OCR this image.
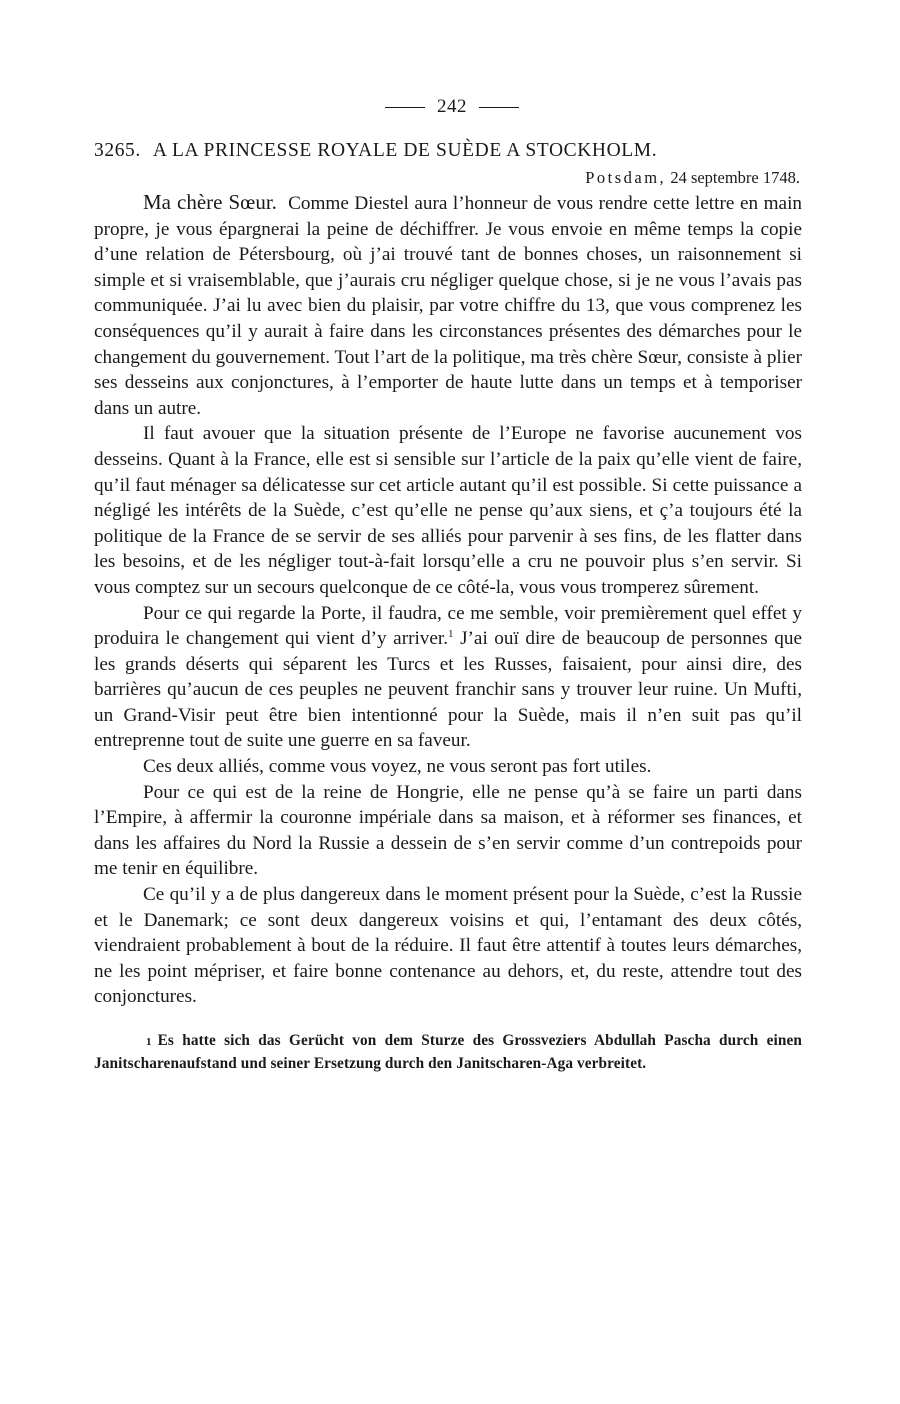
242
3265. A LA PRINCESSE ROYALE DE SUÈDE A STOCKHOLM.
Potsdam, 24 septembre 1748.

Ma chère Sœur. Comme Diestel aura l’honneur de vous rendre cette lettre en main propre, je vous épargnerai la peine de déchiffrer. Je vous envoie en même temps la copie d’une relation de Pétersbourg, où j’ai trouvé tant de bonnes choses, un raisonnement si simple et si vraisemblable, que j’aurais cru négliger quelque chose, si je ne vous l’avais pas communiquée. J’ai lu avec bien du plaisir, par votre chiffre du 13, que vous comprenez les conséquences qu’il y aurait à faire dans les circonstances présentes des démarches pour le changement du gouvernement. Tout l’art de la politique, ma très chère Sœur, consiste à plier ses desseins aux conjonctures, à l’emporter de haute lutte dans un temps et à temporiser dans un autre.

Il faut avouer que la situation présente de l’Europe ne favorise aucunement vos desseins. Quant à la France, elle est si sensible sur l’article de la paix qu’elle vient de faire, qu’il faut ménager sa délicatesse sur cet article autant qu’il est possible. Si cette puissance a négligé les intérêts de la Suède, c’est qu’elle ne pense qu’aux siens, et ç’a toujours été la politique de la France de se servir de ses alliés pour parvenir à ses fins, de les flatter dans les besoins, et de les négliger tout-à-fait lorsqu’elle a cru ne pouvoir plus s’en servir. Si vous comptez sur un secours quelconque de ce côté-la, vous vous tromperez sûrement.

Pour ce qui regarde la Porte, il faudra, ce me semble, voir premièrement quel effet y produira le changement qui vient d’y arriver.$^1$ J’ai ouï dire de beaucoup de personnes que les grands déserts qui séparent les Turcs et les Russes, faisaient, pour ainsi dire, des barrières qu’aucun de ces peuples ne peuvent franchir sans y trouver leur ruine. Un Mufti, un Grand-Visir peut être bien intentionné pour la Suède, mais il n’en suit pas qu’il entreprenne tout de suite une guerre en sa faveur.

Ces deux alliés, comme vous voyez, ne vous seront pas fort utiles.

Pour ce qui est de la reine de Hongrie, elle ne pense qu’à se faire un parti dans l’Empire, à affermir la couronne impériale dans sa maison, et à réformer ses finances, et dans les affaires du Nord la Russie a dessein de s’en servir comme d’un contrepoids pour me tenir en équilibre.

Ce qu’il y a de plus dangereux dans le moment présent pour la Suède, c’est la Russie et le Danemark; ce sont deux dangereux voisins et qui, l’entamant des deux côtés, viendraient probablement à bout de la réduire. Il faut être attentif à toutes leurs démarches, ne les point mépriser, et faire bonne contenance au dehors, et, du reste, attendre tout des conjonctures.

1 Es hatte sich das Gerücht von dem Sturze des Grossveziers Abdullah Pascha durch einen Janitscharenaufstand und seiner Ersetzung durch den Janitscharen-Aga verbreitet.
